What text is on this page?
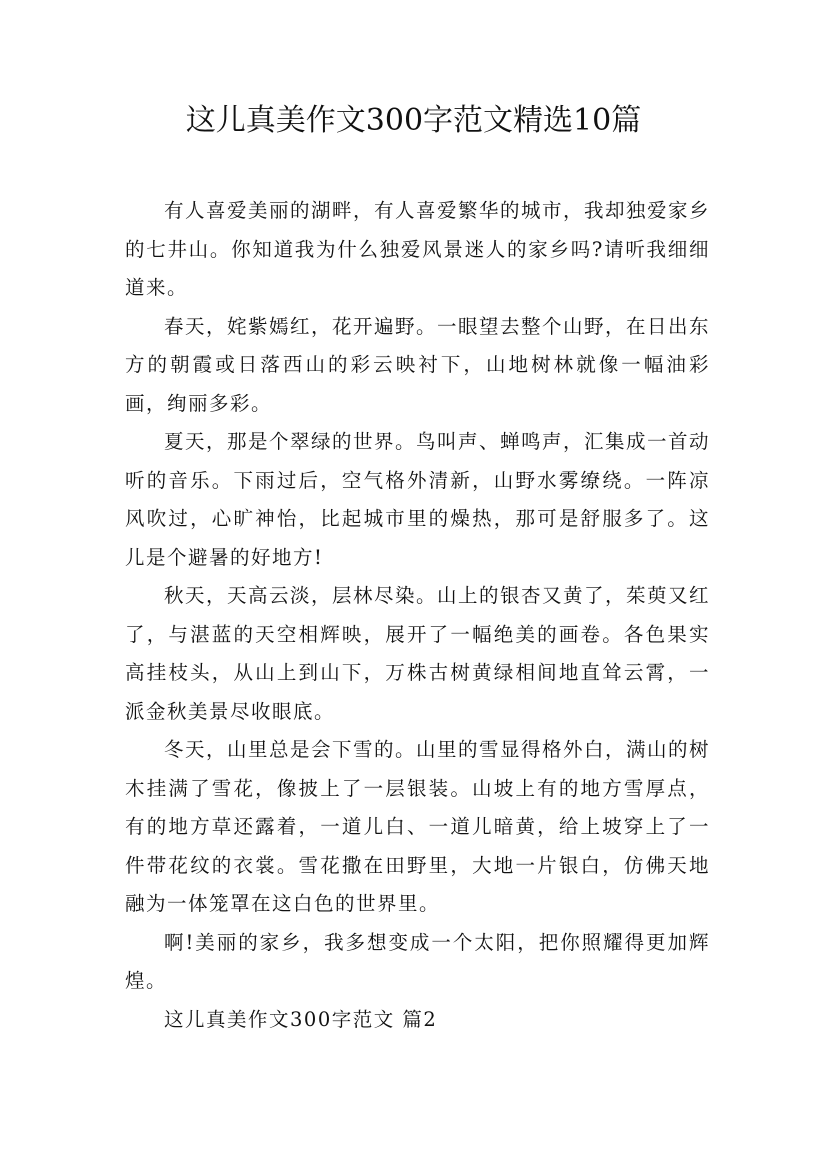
这儿真美作文300字范文精选10篇

有人喜爱美丽的湖畔，有人喜爱繁华的城市，我却独爱家乡的七井山。你知道我为什么独爱风景迷人的家乡吗?请听我细细道来。

春天，姹紫嫣红，花开遍野。一眼望去整个山野，在日出东方的朝霞或日落西山的彩云映衬下，山地树林就像一幅油彩画，绚丽多彩。

夏天，那是个翠绿的世界。鸟叫声、蝉鸣声，汇集成一首动听的音乐。下雨过后，空气格外清新，山野水雾缭绕。一阵凉风吹过，心旷神怡，比起城市里的燥热，那可是舒服多了。这儿是个避暑的好地方!

秋天，天高云淡，层林尽染。山上的银杏又黄了，茱萸又红了，与湛蓝的天空相辉映，展开了一幅绝美的画卷。各色果实高挂枝头，从山上到山下，万株古树黄绿相间地直耸云霄，一派金秋美景尽收眼底。

冬天，山里总是会下雪的。山里的雪显得格外白，满山的树木挂满了雪花，像披上了一层银装。山坡上有的地方雪厚点，有的地方草还露着，一道儿白、一道儿暗黄，给上坡穿上了一件带花纹的衣裳。雪花撒在田野里，大地一片银白，仿佛天地融为一体笼罩在这白色的世界里。

啊!美丽的家乡，我多想变成一个太阳，把你照耀得更加辉煌。

这儿真美作文300字范文 篇2
